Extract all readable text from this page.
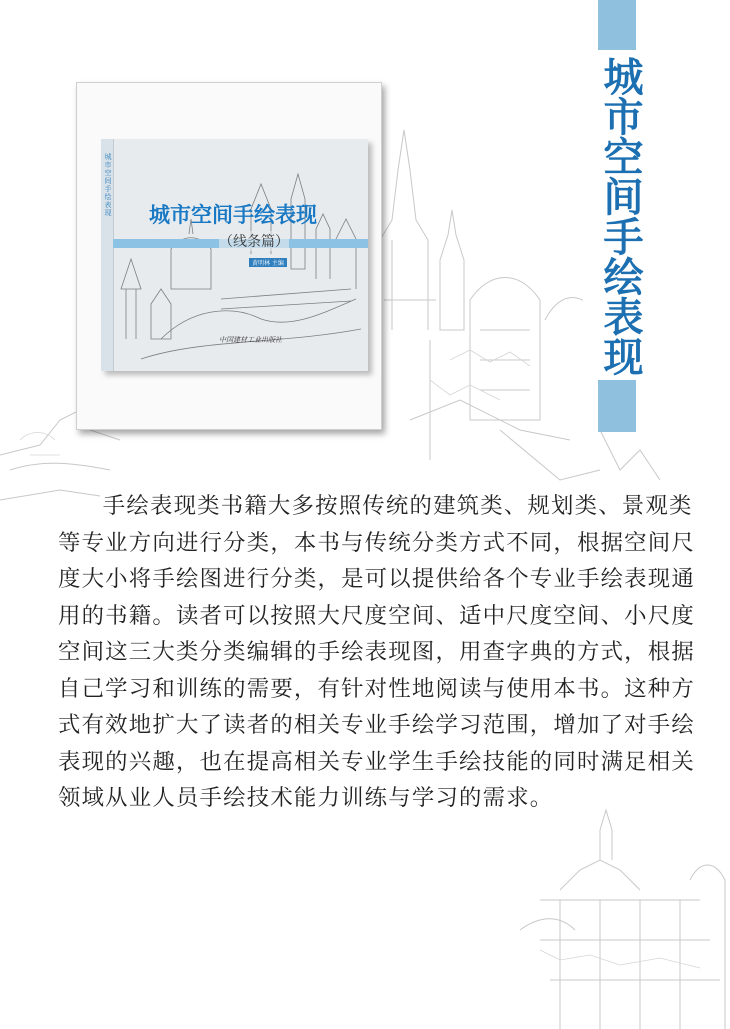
城市空间手绘表现
城市空间手绘表现 城市空间手绘表现
（线条篇）
黄明林 主编
中国建材工业出版社

手绘表现类书籍大多按照传统的建筑类、规划类、景观类等专业方向进行分类，本书与传统分类方式不同，根据空间尺度大小将手绘图进行分类，是可以提供给各个专业手绘表现通用的书籍。读者可以按照大尺度空间、适中尺度空间、小尺度空间这三大类分类编辑的手绘表现图，用查字典的方式，根据自己学习和训练的需要，有针对性地阅读与使用本书。这种方式有效地扩大了读者的相关专业手绘学习范围，增加了对手绘表现的兴趣，也在提高相关专业学生手绘技能的同时满足相关领域从业人员手绘技术能力训练与学习的需求。
